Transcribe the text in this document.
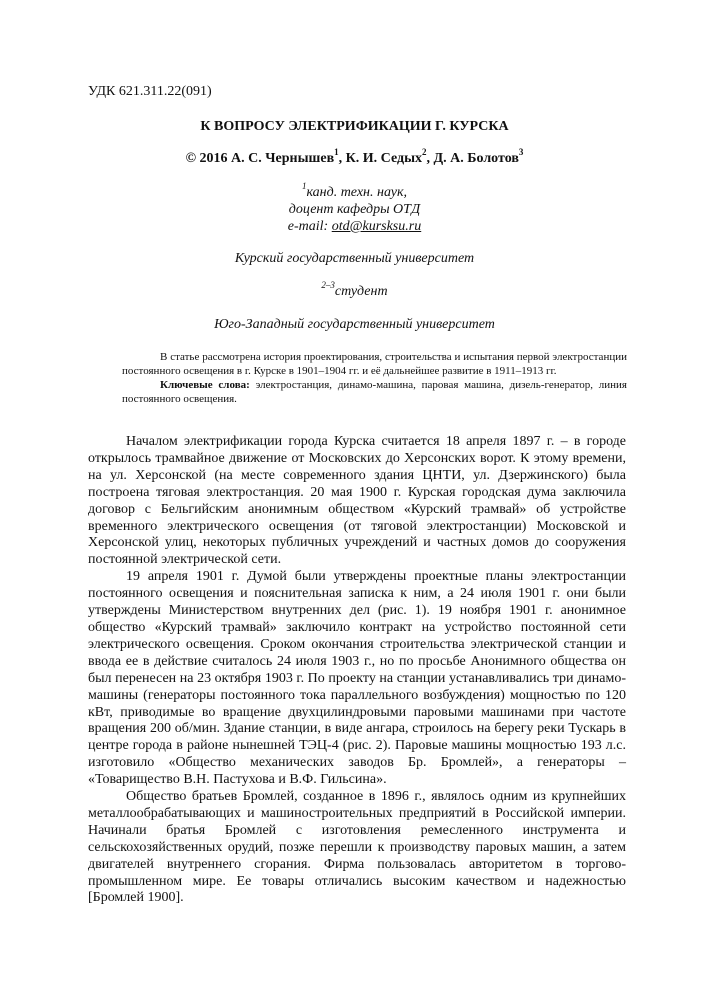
УДК 621.311.22(091)
К ВОПРОСУ ЭЛЕКТРИФИКАЦИИ Г. КУРСКА
© 2016 А. С. Чернышев$^1$, К. И. Седых$^2$, Д. А. Болотов$^3$
$^1$канд. техн. наук,
доцент кафедры ОТД
e-mail: otd@kursksu.ru
Курский государственный университет
$^{2-3}$студент
Юго-Западный государственный университет

В статье рассмотрена история проектирования, строительства и испытания первой электростанции постоянного освещения в г. Курске в 1901–1904 гг. и её дальнейшее развитие в 1911–1913 гг.

Ключевые слова: электростанция, динамо-машина, паровая машина, дизель-генератор, линия постоянного освещения.

Началом электрификации города Курска считается 18 апреля 1897 г. – в городе открылось трамвайное движение от Московских до Херсонских ворот. К этому времени, на ул. Херсонской (на месте современного здания ЦНТИ, ул. Дзержинского) была построена тяговая электростанция. 20 мая 1900 г. Курская городская дума заключила договор с Бельгийским анонимным обществом «Курский трамвай» об устройстве временного электрического освещения (от тяговой электростанции) Московской и Херсонской улиц, некоторых публичных учреждений и частных домов до сооружения постоянной электрической сети.

19 апреля 1901 г. Думой были утверждены проектные планы электростанции постоянного освещения и пояснительная записка к ним, а 24 июля 1901 г. они были утверждены Министерством внутренних дел (рис. 1). 19 ноября 1901 г. анонимное общество «Курский трамвай» заключило контракт на устройство постоянной сети электрического освещения. Сроком окончания строительства электрической станции и ввода ее в действие считалось 24 июля 1903 г., но по просьбе Анонимного общества он был перенесен на 23 октября 1903 г. По проекту на станции устанавливались три динамо-машины (генераторы постоянного тока параллельного возбуждения) мощностью по 120 кВт, приводимые во вращение двухцилиндровыми паровыми машинами при частоте вращения 200 об/мин. Здание станции, в виде ангара, строилось на берегу реки Тускарь в центре города в районе нынешней ТЭЦ-4 (рис. 2). Паровые машины мощностью 193 л.с. изготовило «Общество механических заводов Бр. Бромлей», а генераторы – «Товарищество В.Н. Пастухова и В.Ф. Гильсина».

Общество братьев Бромлей, созданное в 1896 г., являлось одним из крупнейших металлообрабатывающих и машиностроительных предприятий в Российской империи. Начинали братья Бромлей с изготовления ремесленного инструмента и сельскохозяйственных орудий, позже перешли к производству паровых машин, а затем двигателей внутреннего сгорания. Фирма пользовалась авторитетом в торгово-промышленном мире. Ее товары отличались высоким качеством и надежностью [Бромлей 1900].
